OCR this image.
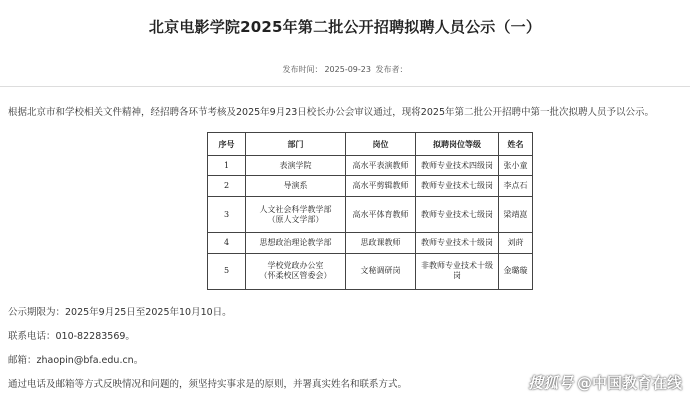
北京电影学院2025年第二批公开招聘拟聘人员公示（一）
发布时间： 2025-09-23 发布者：
根据北京市和学校相关文件精神，经招聘各环节考核及2025年9月23日校长办公会审议通过，现将2025年第二批公开招聘中第一批次拟聘人员予以公示。
序号	部门	岗位	拟聘岗位等级	姓名
1	表演学院	高水平表演教师	教师专业技术四级岗	张小童
2	导演系	高水平剪辑教师	教师专业技术七级岗	李点石
3	人文社会科学教学部
（原人文学部）	高水平体育教师	教师专业技术七级岗	梁靖崑
4	思想政治理论教学部	思政课教师	教师专业技术十级岗	刘莳
5	学校党政办公室
（怀柔校区管委会）	文秘调研岗	非教师专业技术十级岗	金璐璇
公示期限为：2025年9月25日至2025年10月10日。
联系电话：010-82283569。
邮箱：zhaopin@bfa.edu.cn。
通过电话及邮箱等方式反映情况和问题的，须坚持实事求是的原则，并署真实姓名和联系方式。	搜狐号 @中国教育在线
